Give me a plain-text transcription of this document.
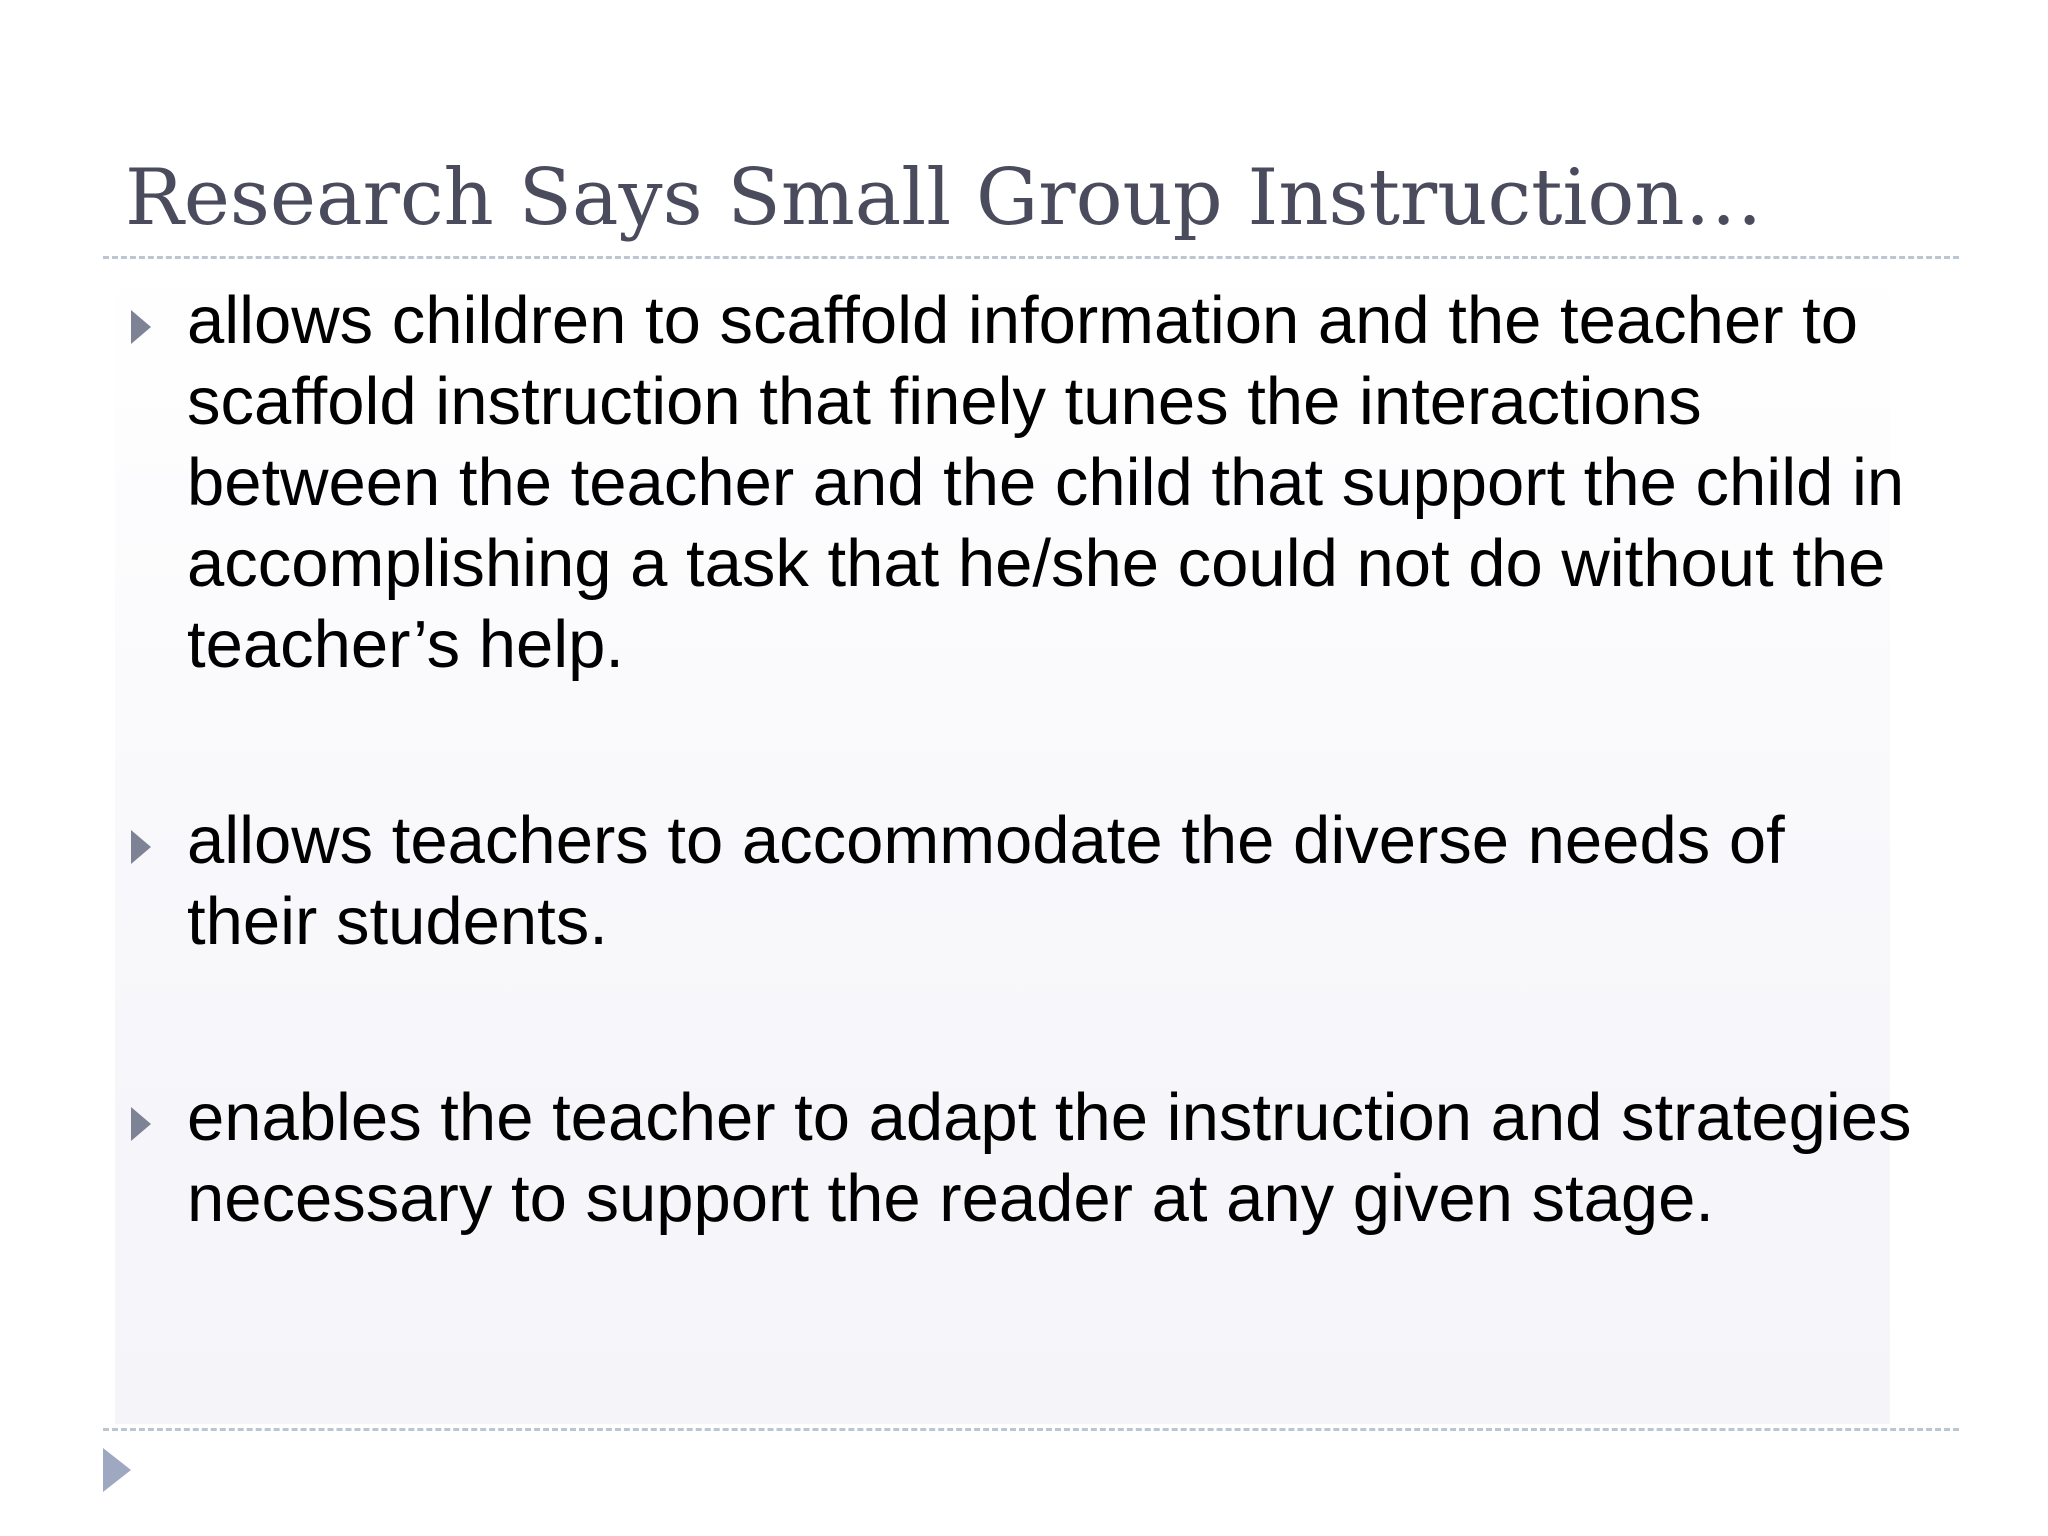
Research Says Small Group Instruction…
allows children to scaffold information and the teacher to scaffold instruction that finely tunes the interactions between the teacher and the child that support the child in accomplishing a task that he/she could not do without the teacher’s help.
allows teachers to accommodate the diverse needs of their students.
enables the teacher to adapt the instruction and strategies necessary to support the reader at any given stage.
